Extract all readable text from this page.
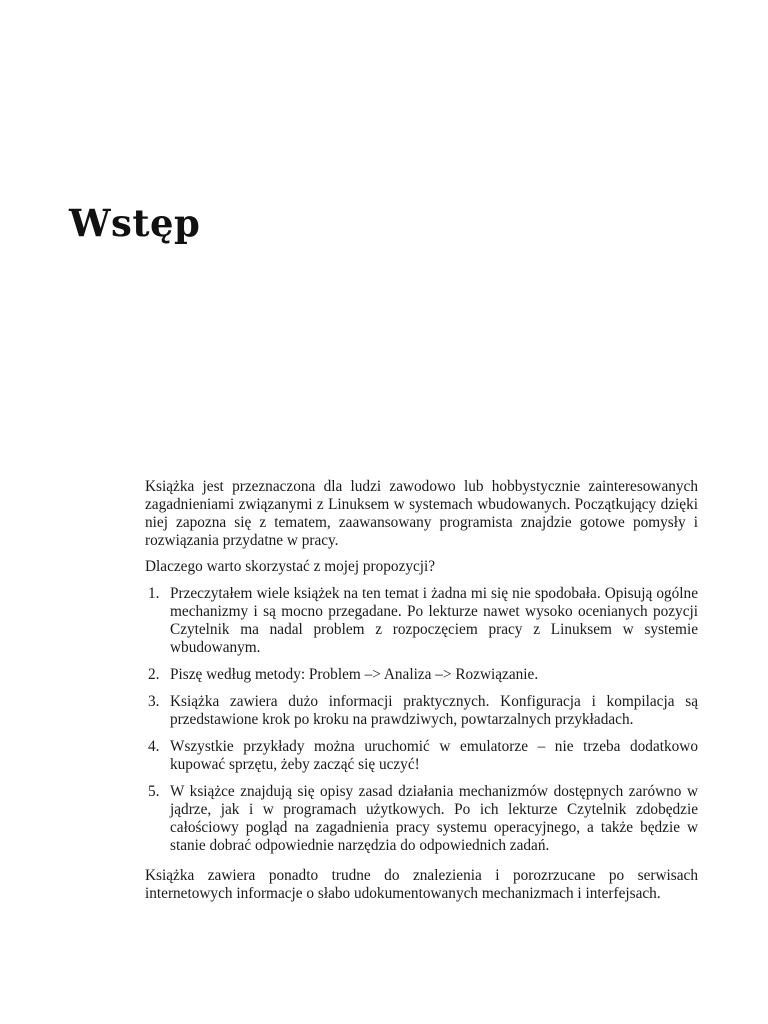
Wstęp

Książka jest przeznaczona dla ludzi zawodowo lub hobbystycznie zainteresowanych zagadnieniami związanymi z Linuksem w systemach wbudowanych. Początkujący dzięki niej zapozna się z tematem, zaawansowany programista znajdzie gotowe pomysły i rozwiązania przydatne w pracy.

Dlaczego warto skorzystać z mojej propozycji?

1. Przeczytałem wiele książek na ten temat i żadna mi się nie spodobała. Opisują ogólne mechanizmy i są mocno przegadane. Po lekturze nawet wysoko ocenianych pozycji Czytelnik ma nadal problem z rozpoczęciem pracy z Linuksem w systemie wbudowanym.
2. Piszę według metody: Problem –> Analiza –> Rozwiązanie.
3. Książka zawiera dużo informacji praktycznych. Konfiguracja i kompilacja są przedstawione krok po kroku na prawdziwych, powtarzalnych przykładach.
4. Wszystkie przykłady można uruchomić w emulatorze – nie trzeba dodatkowo kupować sprzętu, żeby zacząć się uczyć!
5. W książce znajdują się opisy zasad działania mechanizmów dostępnych zarówno w jądrze, jak i w programach użytkowych. Po ich lekturze Czytelnik zdobędzie całościowy pogląd na zagadnienia pracy systemu operacyjnego, a także będzie w stanie dobrać odpowiednie narzędzia do odpowiednich zadań.

Książka zawiera ponadto trudne do znalezienia i porozrzucane po serwisach internetowych informacje o słabo udokumentowanych mechanizmach i interfejsach.
